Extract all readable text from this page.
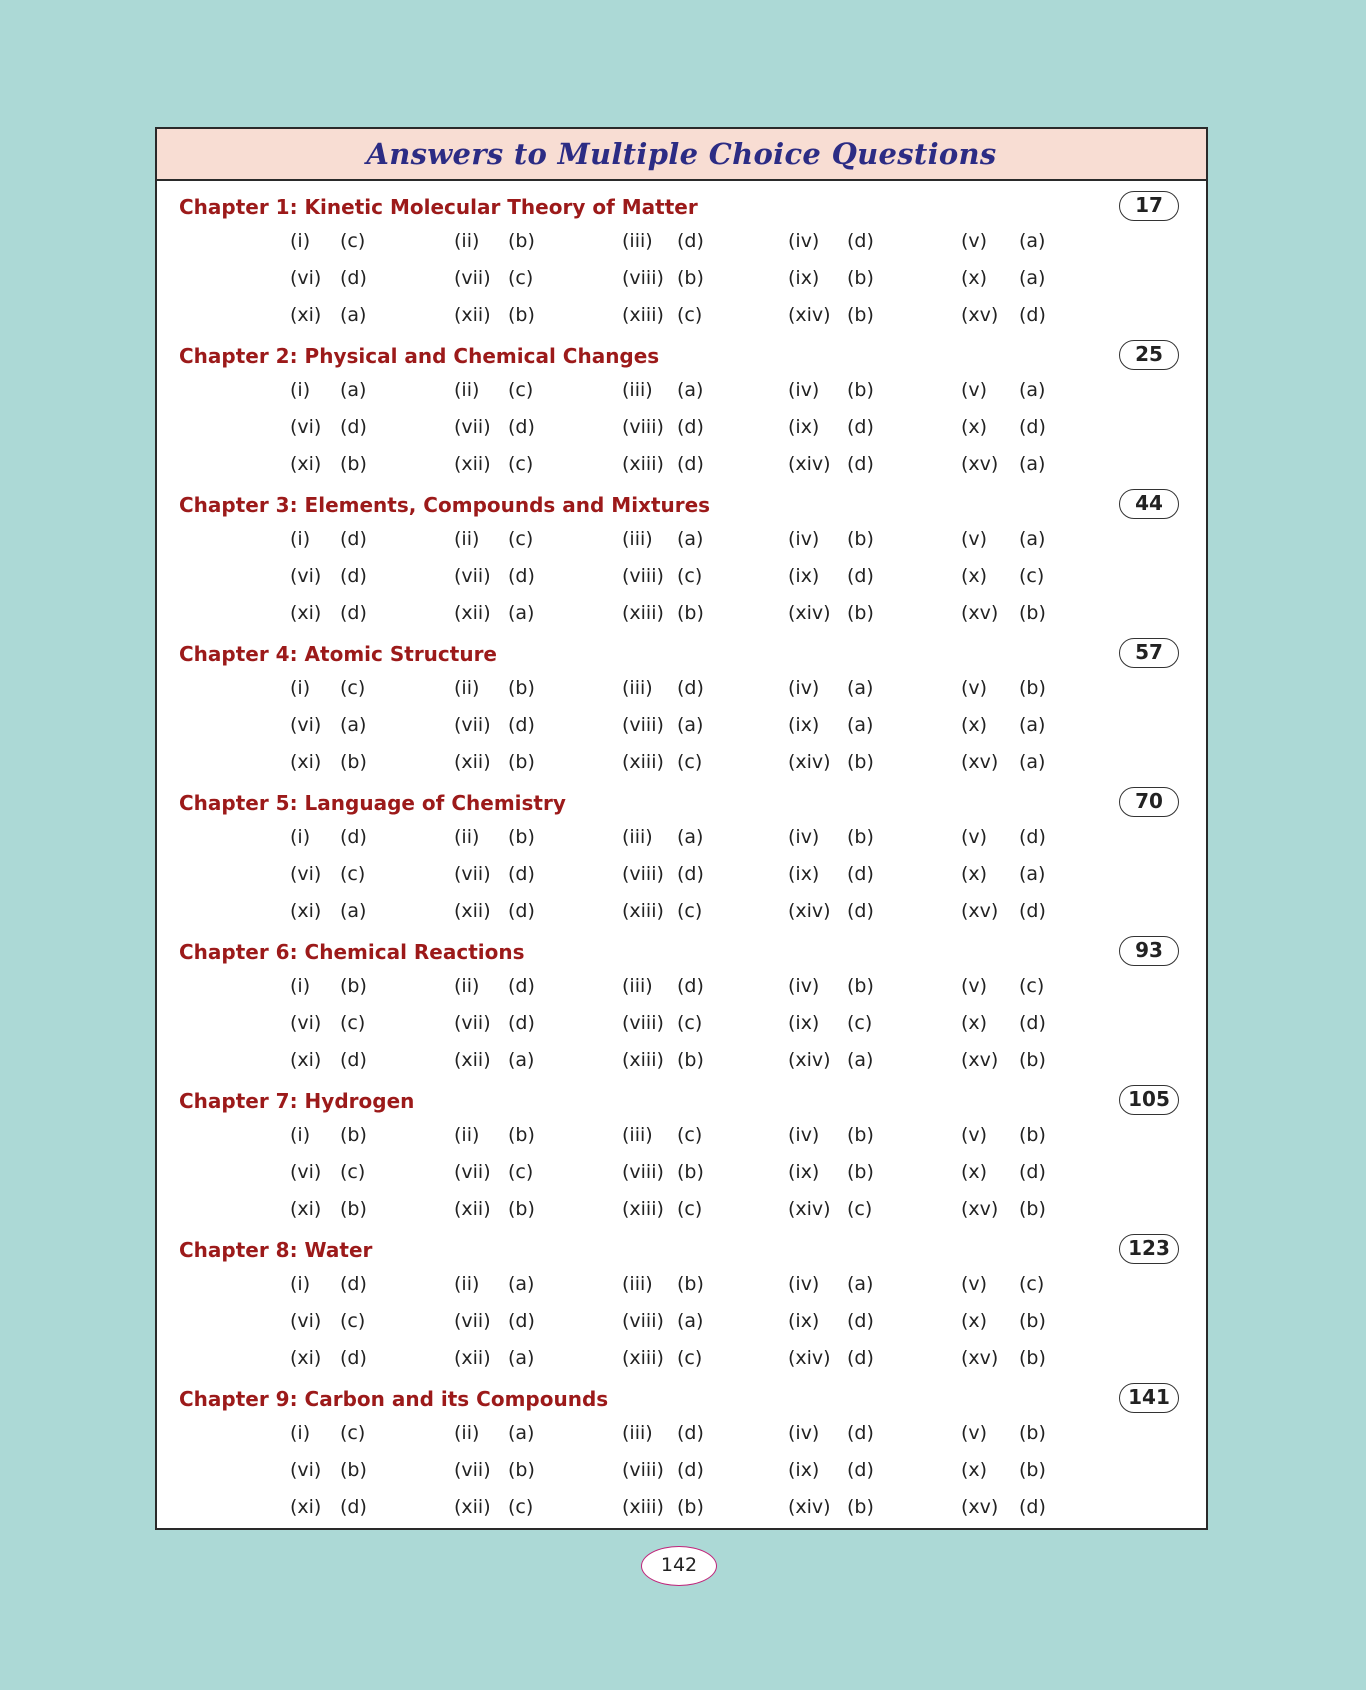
Answers to Multiple Choice Questions
Chapter 1: Kinetic Molecular Theory of Matter	17
(i) (c)	(ii) (b)	(iii) (d)	(iv) (d)	(v) (a)
(vi) (d)	(vii) (c)	(viii) (b)	(ix) (b)	(x) (a)
(xi) (a)	(xii) (b)	(xiii) (c)	(xiv) (b)	(xv) (d)
Chapter 2: Physical and Chemical Changes	25
(i) (a)	(ii) (c)	(iii) (a)	(iv) (b)	(v) (a)
(vi) (d)	(vii) (d)	(viii) (d)	(ix) (d)	(x) (d)
(xi) (b)	(xii) (c)	(xiii) (d)	(xiv) (d)	(xv) (a)
Chapter 3: Elements, Compounds and Mixtures	44
(i) (d)	(ii) (c)	(iii) (a)	(iv) (b)	(v) (a)
(vi) (d)	(vii) (d)	(viii) (c)	(ix) (d)	(x) (c)
(xi) (d)	(xii) (a)	(xiii) (b)	(xiv) (b)	(xv) (b)
Chapter 4: Atomic Structure	57
(i) (c)	(ii) (b)	(iii) (d)	(iv) (a)	(v) (b)
(vi) (a)	(vii) (d)	(viii) (a)	(ix) (a)	(x) (a)
(xi) (b)	(xii) (b)	(xiii) (c)	(xiv) (b)	(xv) (a)
Chapter 5: Language of Chemistry	70
(i) (d)	(ii) (b)	(iii) (a)	(iv) (b)	(v) (d)
(vi) (c)	(vii) (d)	(viii) (d)	(ix) (d)	(x) (a)
(xi) (a)	(xii) (d)	(xiii) (c)	(xiv) (d)	(xv) (d)
Chapter 6: Chemical Reactions	93
(i) (b)	(ii) (d)	(iii) (d)	(iv) (b)	(v) (c)
(vi) (c)	(vii) (d)	(viii) (c)	(ix) (c)	(x) (d)
(xi) (d)	(xii) (a)	(xiii) (b)	(xiv) (a)	(xv) (b)
Chapter 7: Hydrogen	105
(i) (b)	(ii) (b)	(iii) (c)	(iv) (b)	(v) (b)
(vi) (c)	(vii) (c)	(viii) (b)	(ix) (b)	(x) (d)
(xi) (b)	(xii) (b)	(xiii) (c)	(xiv) (c)	(xv) (b)
Chapter 8: Water	123
(i) (d)	(ii) (a)	(iii) (b)	(iv) (a)	(v) (c)
(vi) (c)	(vii) (d)	(viii) (a)	(ix) (d)	(x) (b)
(xi) (d)	(xii) (a)	(xiii) (c)	(xiv) (d)	(xv) (b)
Chapter 9: Carbon and its Compounds	141
(i) (c)	(ii) (a)	(iii) (d)	(iv) (d)	(v) (b)
(vi) (b)	(vii) (b)	(viii) (d)	(ix) (d)	(x) (b)
(xi) (d)	(xii) (c)	(xiii) (b)	(xiv) (b)	(xv) (d)
142
